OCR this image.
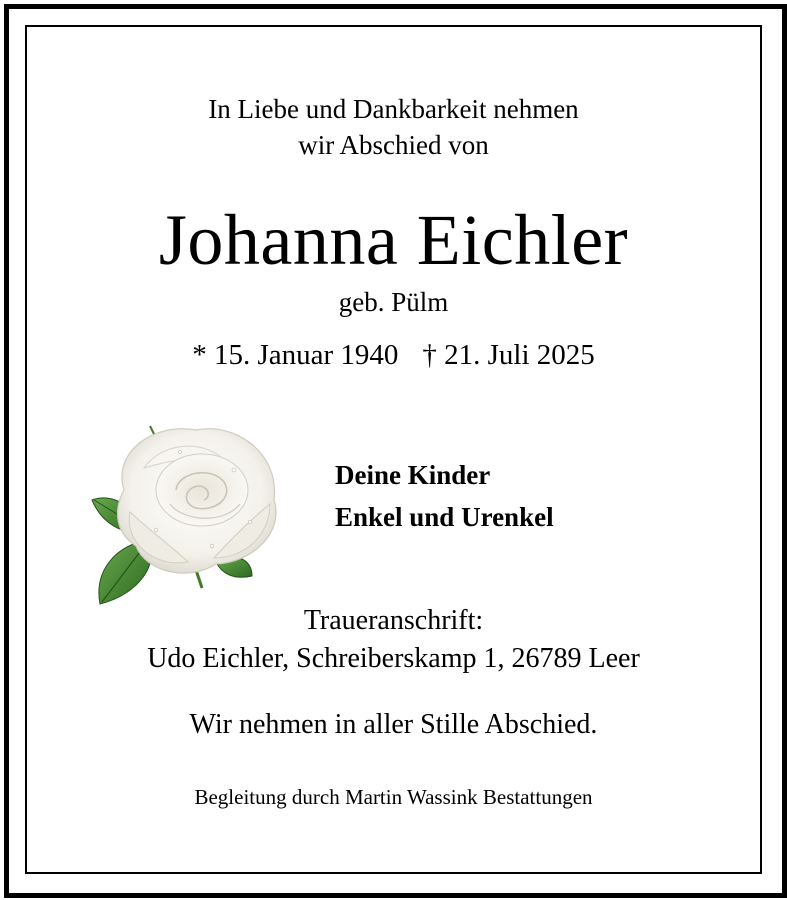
In Liebe und Dankbarkeit nehmen

wir Abschied von

Johanna Eichler

geb. Pülm

* 15. Januar 1940 † 21. Juli 2025
Deine Kinder
Enkel und Urenkel

Traueranschrift:

Udo Eichler, Schreiberskamp 1, 26789 Leer

Wir nehmen in aller Stille Abschied.

Begleitung durch Martin Wassink Bestattungen
